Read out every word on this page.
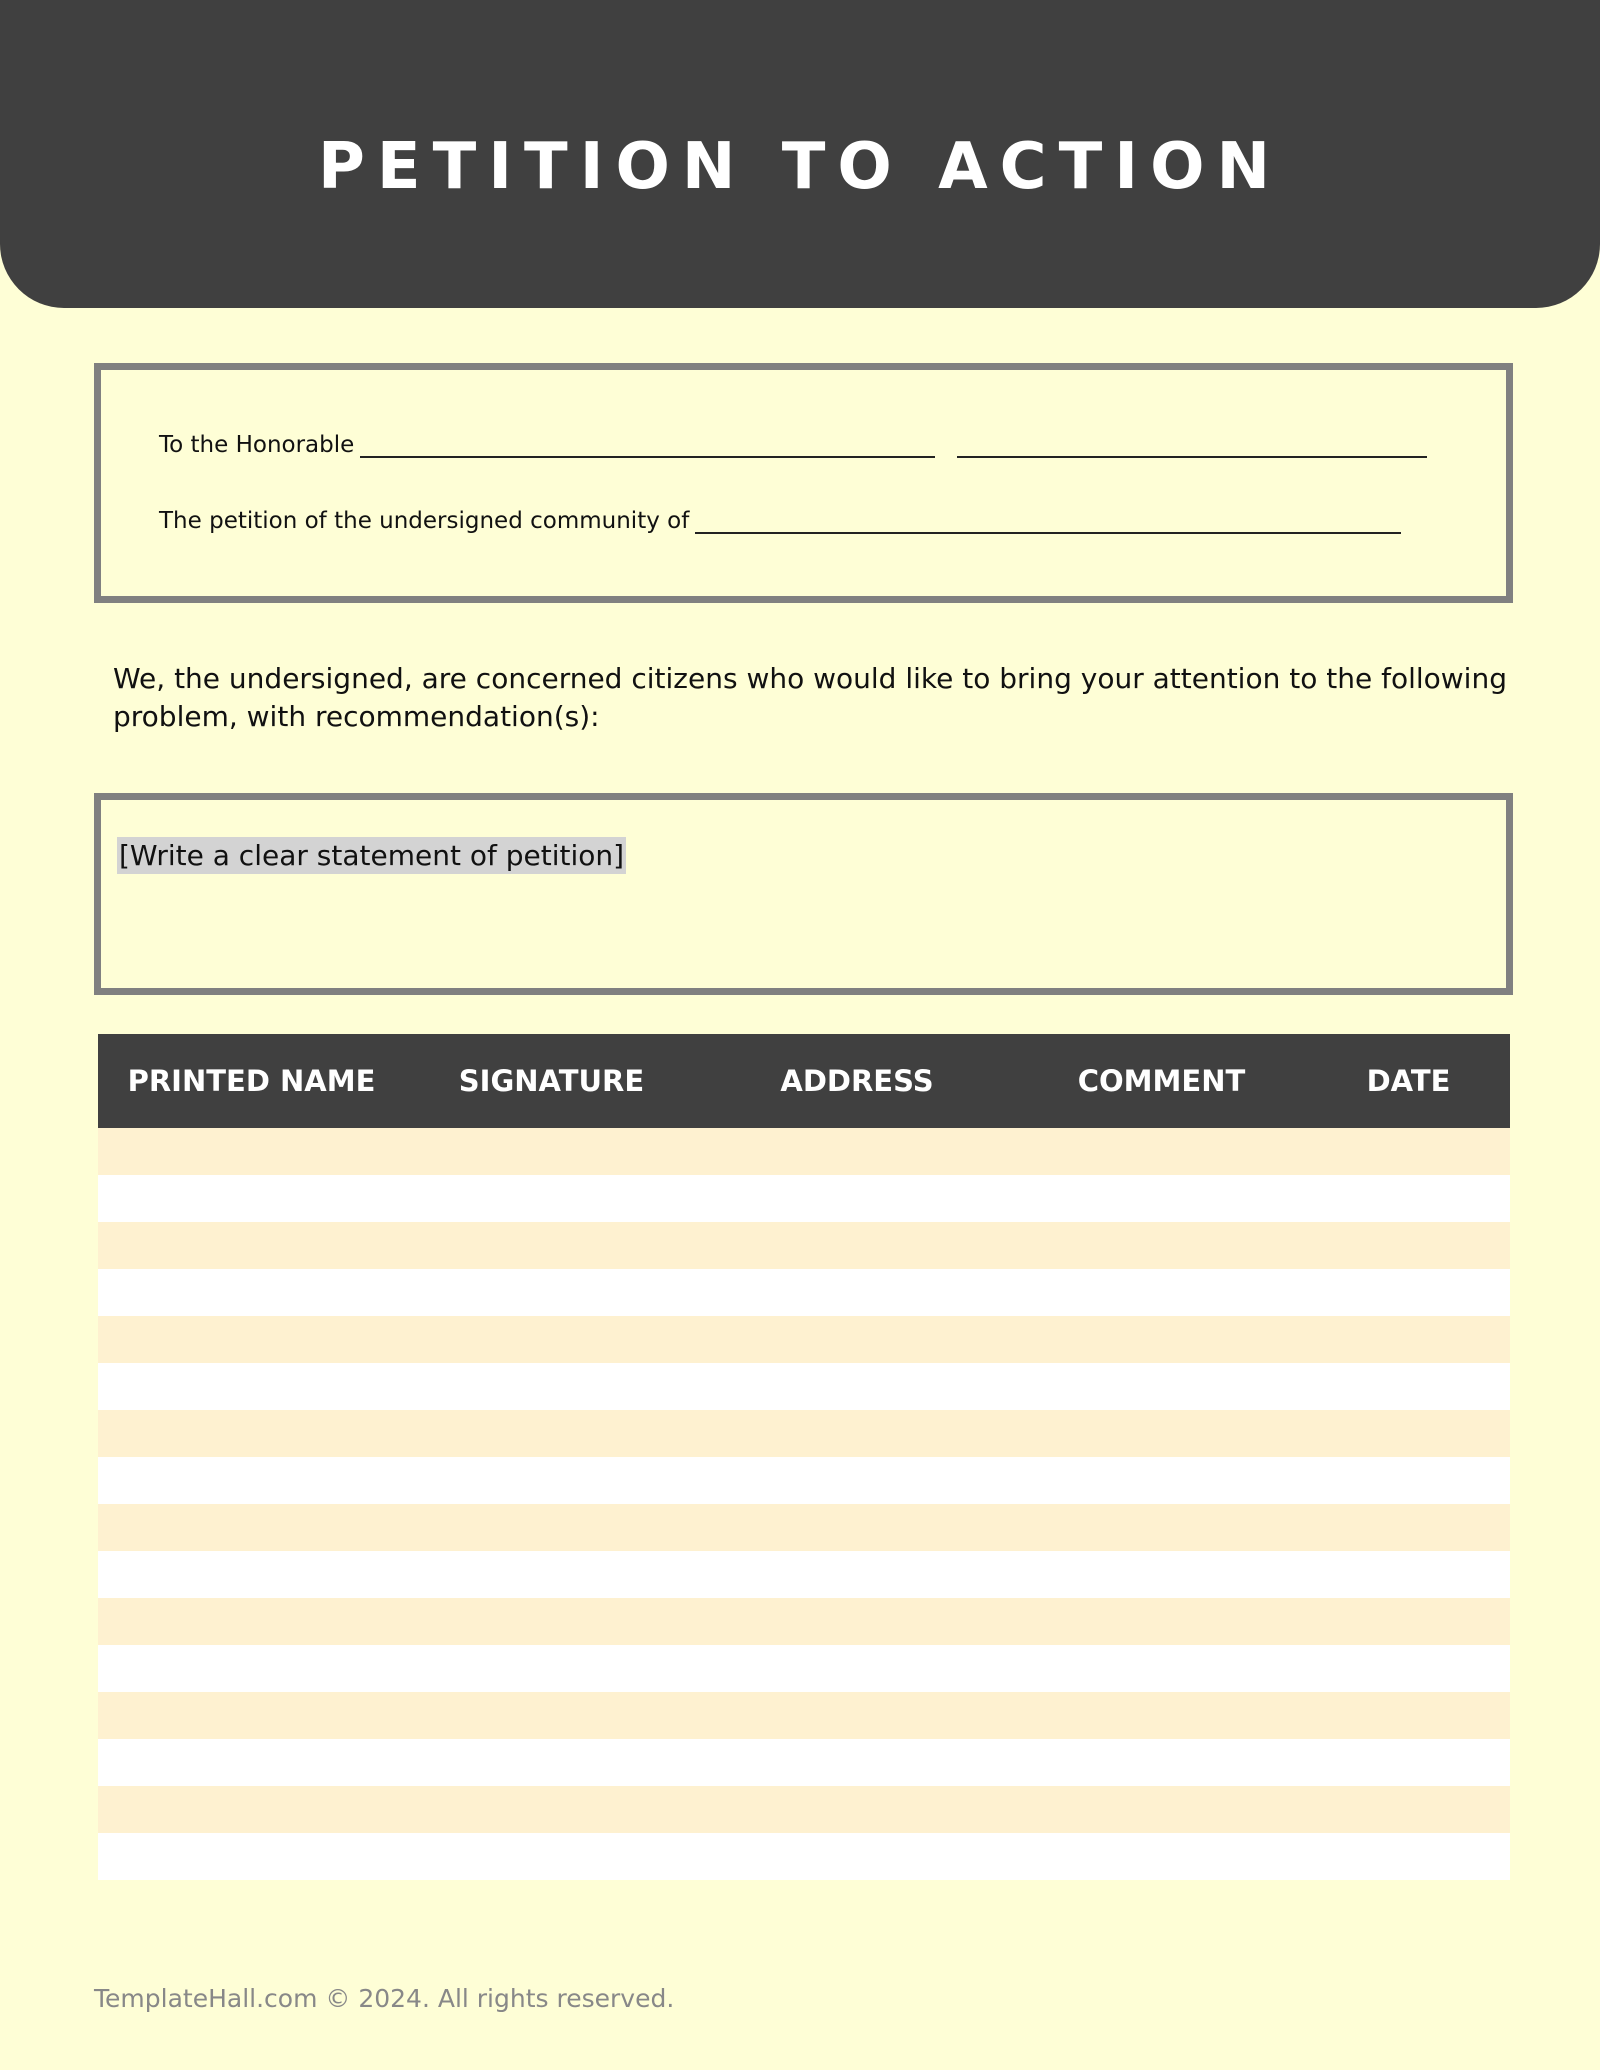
PETITION TO ACTION
To the Honorable
The petition of the undersigned community of
We, the undersigned, are concerned citizens who would like to bring your attention to the following problem, with recommendation(s):
[Write a clear statement of petition]
PRINTED NAME	SIGNATURE	ADDRESS	COMMENT	DATE

TemplateHall.com © 2024. All rights reserved.
